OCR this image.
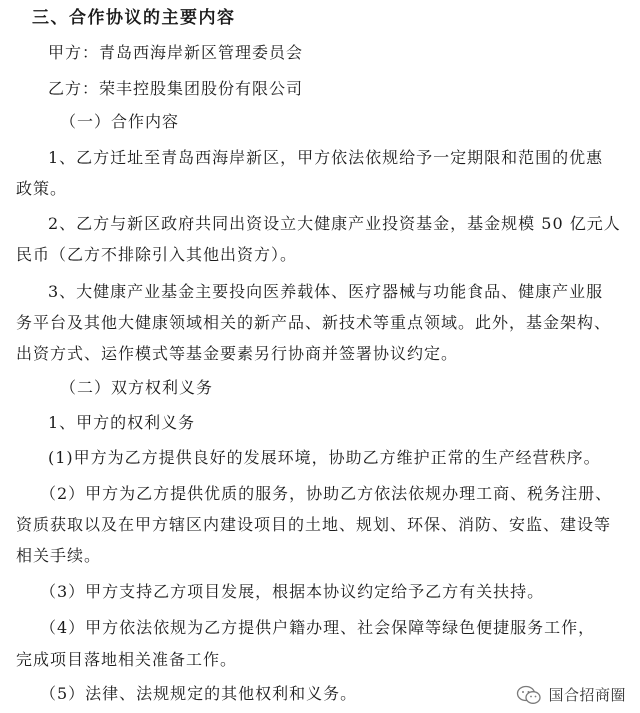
三、合作协议的主要内容

甲方：青岛西海岸新区管理委员会

乙方：荣丰控股集团股份有限公司

（一）合作内容

1、乙方迁址至青岛西海岸新区，甲方依法依规给予一定期限和范围的优惠

政策。

2、乙方与新区政府共同出资设立大健康产业投资基金，基金规模 50 亿元人

民币（乙方不排除引入其他出资方）。

3、大健康产业基金主要投向医养载体、医疗器械与功能食品、健康产业服

务平台及其他大健康领域相关的新产品、新技术等重点领域。此外，基金架构、

出资方式、运作模式等基金要素另行协商并签署协议约定。

（二）双方权利义务

1、甲方的权利义务

(1)甲方为乙方提供良好的发展环境，协助乙方维护正常的生产经营秩序。

（2）甲方为乙方提供优质的服务，协助乙方依法依规办理工商、税务注册、

资质获取以及在甲方辖区内建设项目的土地、规划、环保、消防、安监、建设等

相关手续。

（3）甲方支持乙方项目发展，根据本协议约定给予乙方有关扶持。

（4）甲方依法依规为乙方提供户籍办理、社会保障等绿色便捷服务工作，

完成项目落地相关准备工作。

（5）法律、法规规定的其他权利和义务。	国合招商圈
